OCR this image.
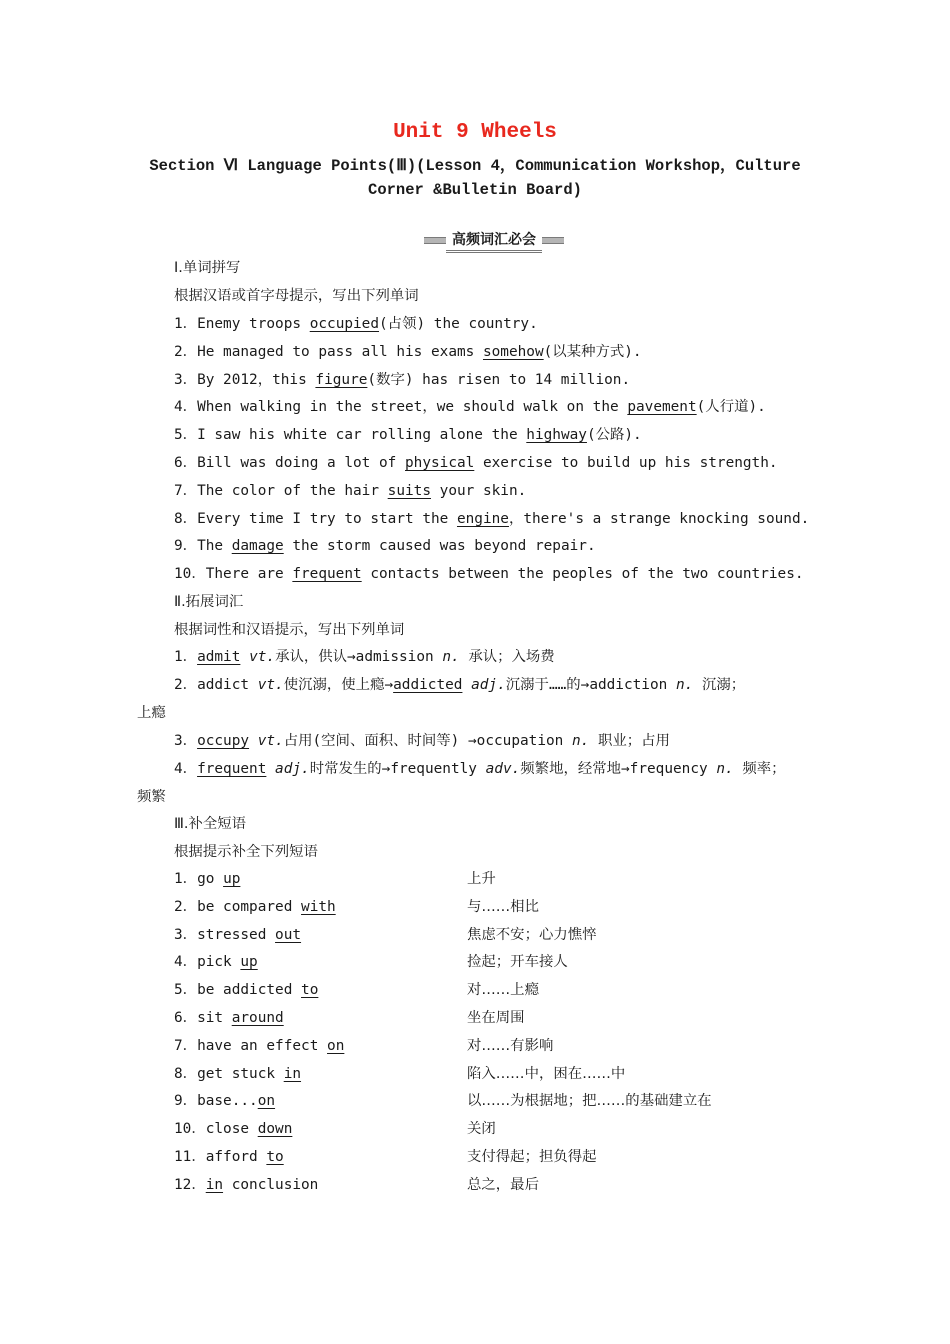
Unit 9 Wheels

Section Ⅵ Language Points(Ⅲ)(Lesson 4，Communication Workshop，Culture Corner &Bulletin Board)

高频词汇必会

Ⅰ.单词拼写

根据汉语或首字母提示，写出下列单词

1．Enemy troops occupied(占领) the country.

2．He managed to pass all his exams somehow(以某种方式).

3．By 2012，this figure(数字) has risen to 14 million.

4．When walking in the street，we should walk on the pavement(人行道).

5．I saw his white car rolling alone the highway(公路).

6．Bill was doing a lot of physical exercise to build up his strength.

7．The color of the hair suits your skin.

8．Every time I try to start the engine，there's a strange knocking sound.

9．The damage the storm caused was beyond repair.

10．There are frequent contacts between the peoples of the two countries.

Ⅱ.拓展词汇

根据词性和汉语提示，写出下列单词

1．admit vt.承认，供认→admission n. 承认；入场费

2．addict vt.使沉溺，使上瘾→addicted adj.沉溺于……的→addiction n. 沉溺；

上瘾

3．occupy vt.占用(空间、面积、时间等) →occupation n. 职业；占用

4．frequent adj.时常发生的→frequently adv.频繁地，经常地→frequency n. 频率；

频繁

Ⅲ.补全短语

根据提示补全下列短语

1．go up	上升

2．be compared with	与……相比

3．stressed out	焦虑不安；心力憔悴

4．pick up	捡起；开车接人

5．be addicted to	对……上瘾

6．sit around	坐在周围

7．have an effect on	对……有影响

8．get stuck in	陷入……中，困在……中

9．base...on	以……为根据地；把……的基础建立在

10．close down	关闭

11．afford to	支付得起；担负得起

12．in conclusion	总之，最后
